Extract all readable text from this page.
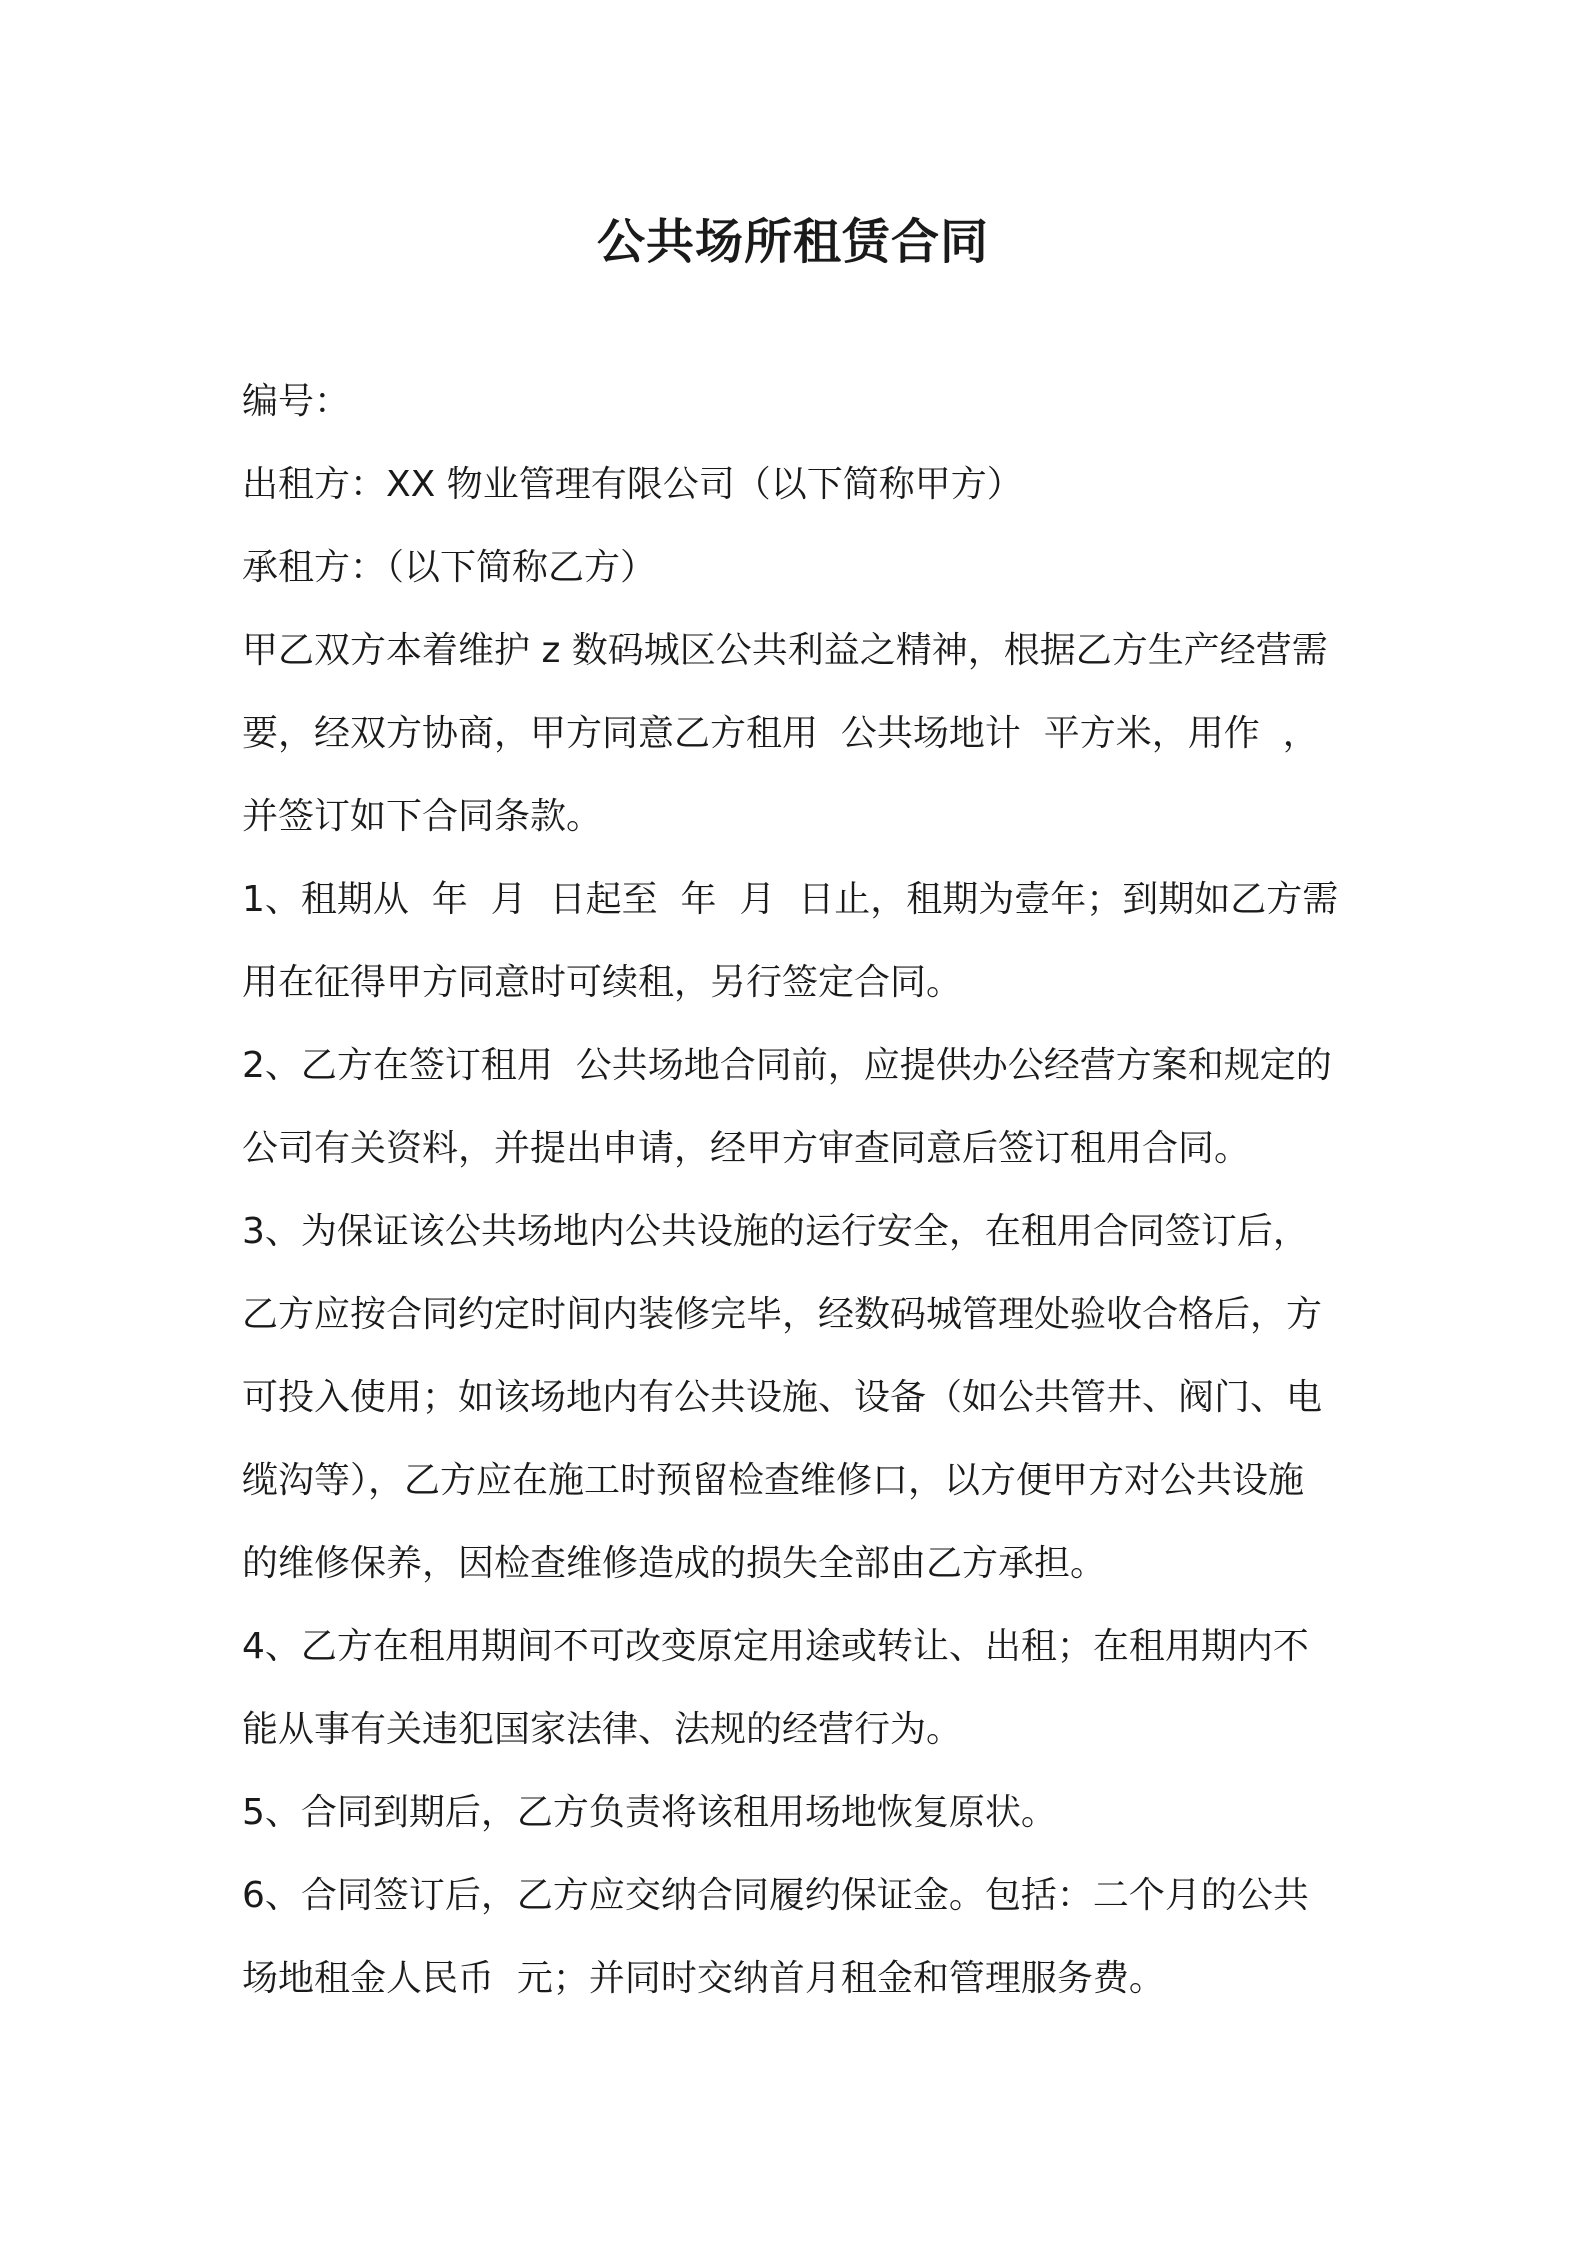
公共场所租赁合同
编号：
出租方：XX 物业管理有限公司（以下简称甲方）
承租方：（以下简称乙方）
甲乙双方本着维护 z 数码城区公共利益之精神，根据乙方生产经营需
要，经双方协商，甲方同意乙方租用  公共场地计  平方米，用作  ，
并签订如下合同条款。
1、租期从  年  月  日起至  年  月  日止，租期为壹年；到期如乙方需
用在征得甲方同意时可续租，另行签定合同。
2、乙方在签订租用  公共场地合同前，应提供办公经营方案和规定的
公司有关资料，并提出申请，经甲方审查同意后签订租用合同。
3、为保证该公共场地内公共设施的运行安全，在租用合同签订后，
乙方应按合同约定时间内装修完毕，经数码城管理处验收合格后，方
可投入使用；如该场地内有公共设施、设备（如公共管井、阀门、电
缆沟等），乙方应在施工时预留检查维修口，以方便甲方对公共设施
的维修保养，因检查维修造成的损失全部由乙方承担。
4、乙方在租用期间不可改变原定用途或转让、出租；在租用期内不
能从事有关违犯国家法律、法规的经营行为。
5、合同到期后，乙方负责将该租用场地恢复原状。
6、合同签订后，乙方应交纳合同履约保证金。包括：二个月的公共
场地租金人民币  元；并同时交纳首月租金和管理服务费。
